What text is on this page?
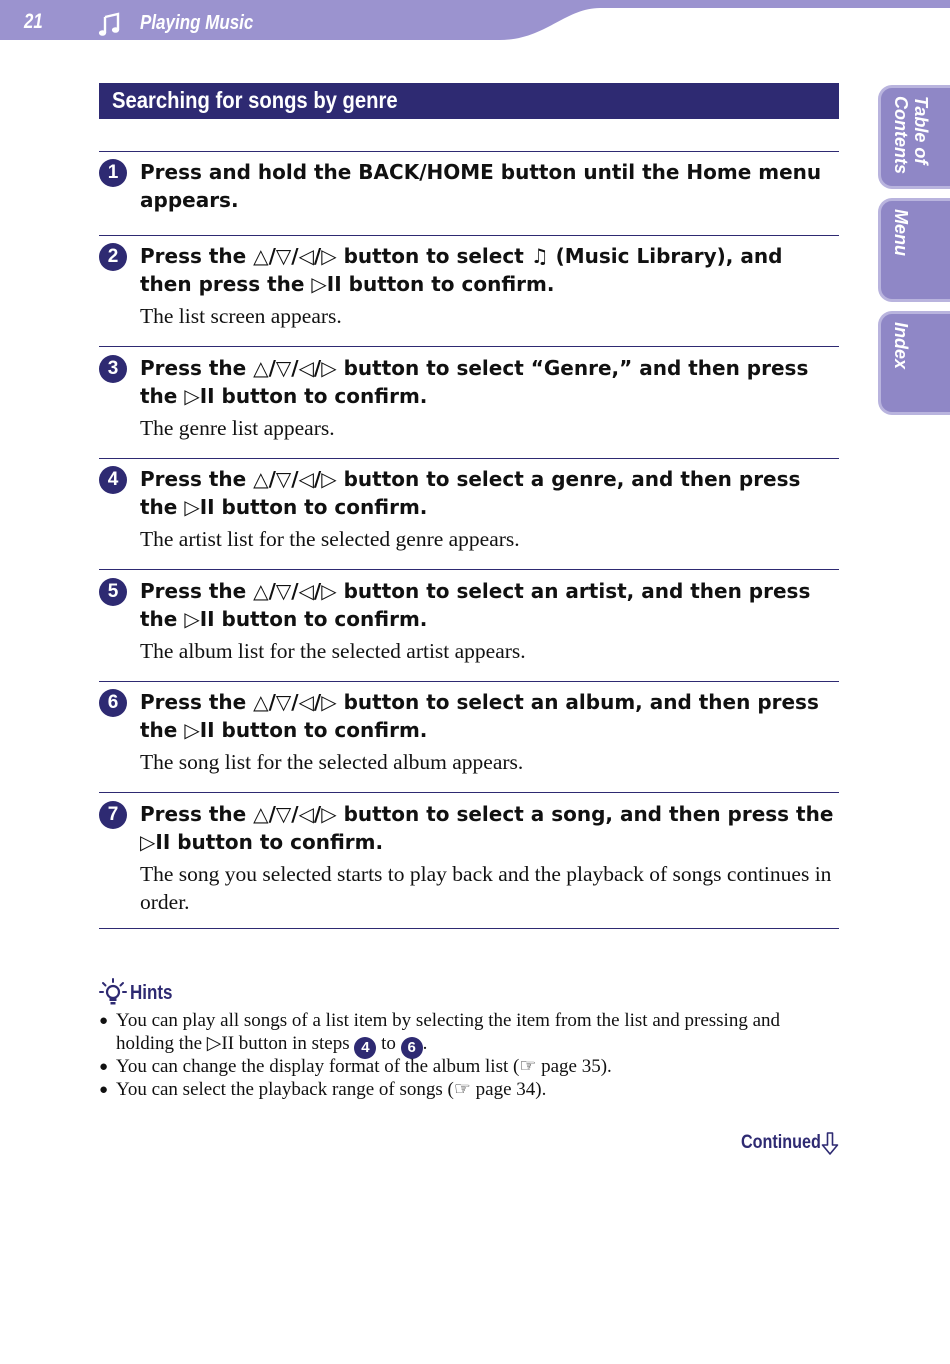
21	Playing Music
Table of Contents
Menu
Index
Searching for songs by genre
1	Press and hold the BACK/HOME button until the Home menu appears.

2	Press the △/▽/◁/▷ button to select ♫ (Music Library), and then press the ▷II button to confirm.

The list screen appears.

3	Press the △/▽/◁/▷ button to select “Genre,” and then press the ▷II button to confirm.

The genre list appears.

4	Press the △/▽/◁/▷ button to select a genre, and then press the ▷II button to confirm.

The artist list for the selected genre appears.

5	Press the △/▽/◁/▷ button to select an artist, and then press the ▷II button to confirm.

The album list for the selected artist appears.

6	Press the △/▽/◁/▷ button to select an album, and then press the ▷II button to confirm.

The song list for the selected album appears.

7	Press the △/▽/◁/▷ button to select a song, and then press the ▷II button to confirm.

The song you selected starts to play back and the playback of songs continues in order.

Hints
● You can play all songs of a list item by selecting the item from the list and pressing and holding the ▷II button in steps 4 to 6 .

● You can change the display format of the album list (☞ page 35).

● You can select the playback range of songs (☞ page 34).

Continued
